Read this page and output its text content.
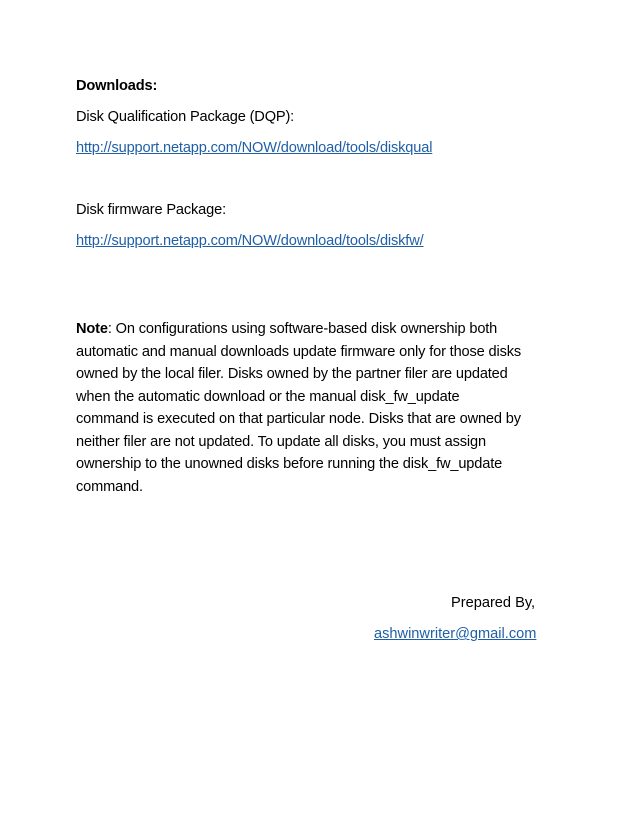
Downloads:
Disk Qualification Package (DQP):
http://support.netapp.com/NOW/download/tools/diskqual
Disk firmware Package:
http://support.netapp.com/NOW/download/tools/diskfw/
Note: On configurations using software-based disk ownership both
automatic and manual downloads update firmware only for those disks
owned by the local filer. Disks owned by the partner filer are updated
when the automatic download or the manual disk_fw_update
command is executed on that particular node. Disks that are owned by
neither filer are not updated. To update all disks, you must assign
ownership to the unowned disks before running the disk_fw_update
command.
Prepared By,
ashwinwriter@gmail.com
